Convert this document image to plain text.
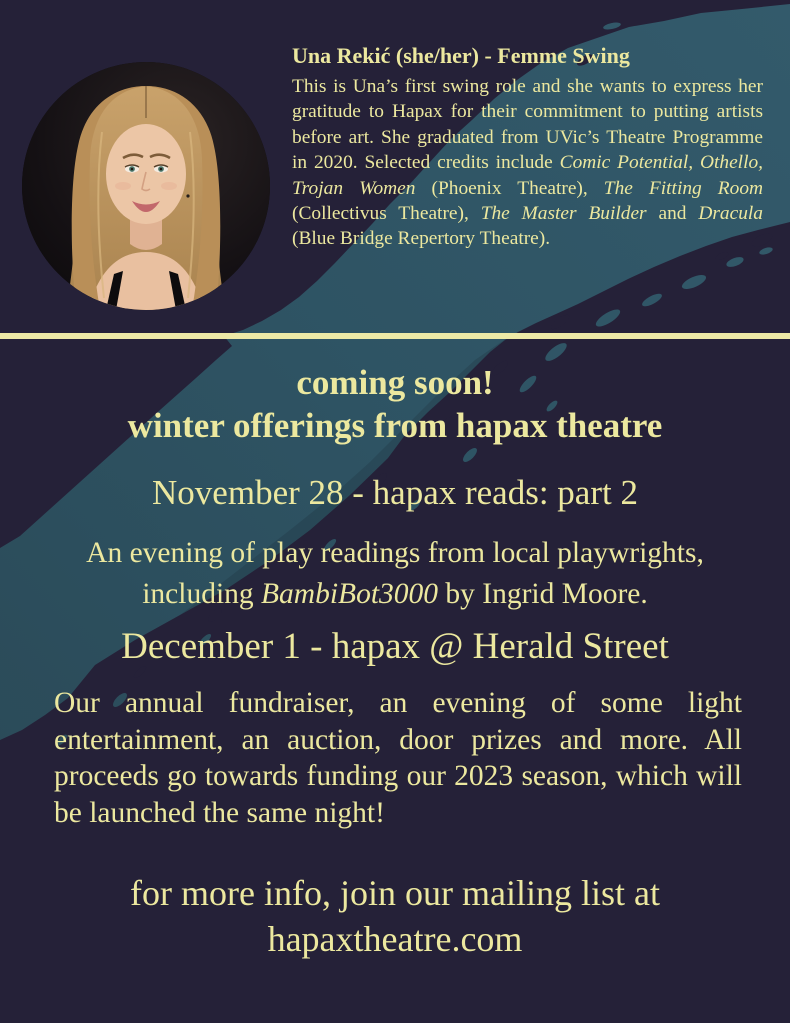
Una Rekić (she/her) - Femme Swing
This is Una’s first swing role and she wants to express her gratitude to Hapax for their commitment to putting artists before art. She graduated from UVic’s Theatre Programme in 2020. Selected credits include Comic Potential, Othello, Trojan Women (Phoenix Theatre), The Fitting Room (Collectivus Theatre), The Master Builder and Dracula (Blue Bridge Repertory Theatre).
coming soon!
winter offerings from hapax theatre
November 28 - hapax reads: part 2
An evening of play readings from local playwrights, including BambiBot3000 by Ingrid Moore.
December 1 - hapax @ Herald Street
Our annual fundraiser, an evening of some light entertainment, an auction, door prizes and more. All proceeds go towards funding our 2023 season, which will be launched the same night!
for more info, join our mailing list at
hapaxtheatre.com
